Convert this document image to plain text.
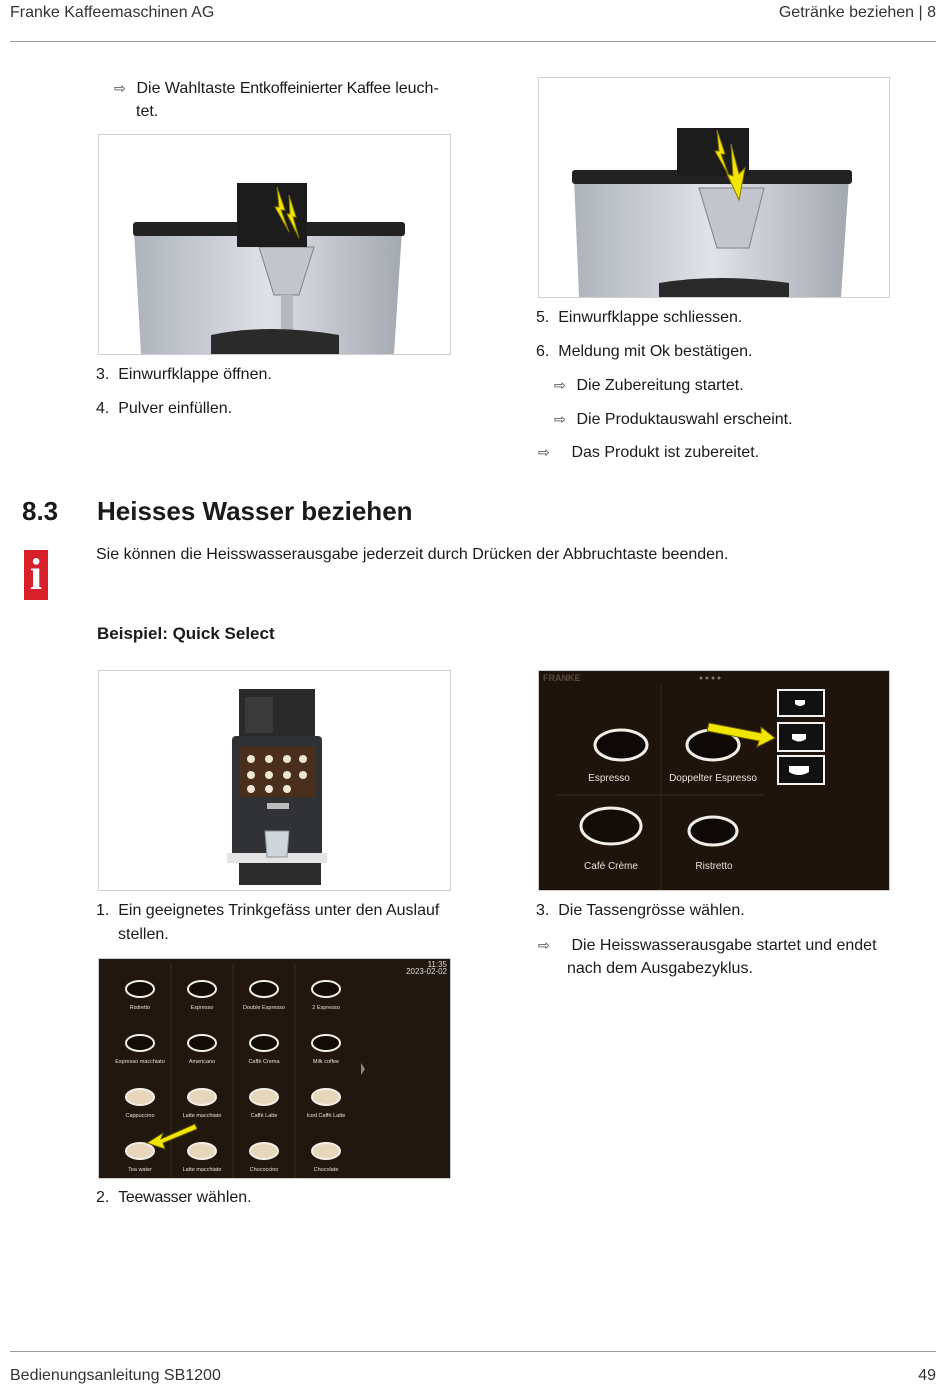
Franke Kaffeemaschinen AG	Getränke beziehen | 8
⇨ Die Wahltaste Entkoffeinierter Kaffee leuch-
tet.
3. Einwurfklappe öffnen.
4. Pulver einfüllen.
5. Einwurfklappe schliessen.
6. Meldung mit Ok bestätigen.
⇨ Die Zubereitung startet.
⇨ Die Produktauswahl erscheint.
⇨ Das Produkt ist zubereitet.
8.3 Heisses Wasser beziehen
i	Sie können die Heisswasserausgabe jederzeit durch Drücken der Abbruchtaste beenden.
Beispiel: Quick Select
FRANKE
Espresso	Doppelter Espresso
Café Crème	Ristretto
1. Ein geeignetes Trinkgefäss unter den Auslauf
stellen.
3. Die Tassengrösse wählen.
⇨ Die Heisswasserausgabe startet und endet
nach dem Ausgabezyklus.
11:35
2023-02-02
Ristretto	Espresso	Double Espresso	2 Espresso
Espresso macchiato	Americano	Caffè Crema	Milk coffee
Cappuccino	Latte macchiato	Caffè Latte	Iced Caffè Latte
Tea water	Latte macchiato	Chococcino	Chocolate
2. Teewasser wählen.
Bedienungsanleitung SB1200	49
